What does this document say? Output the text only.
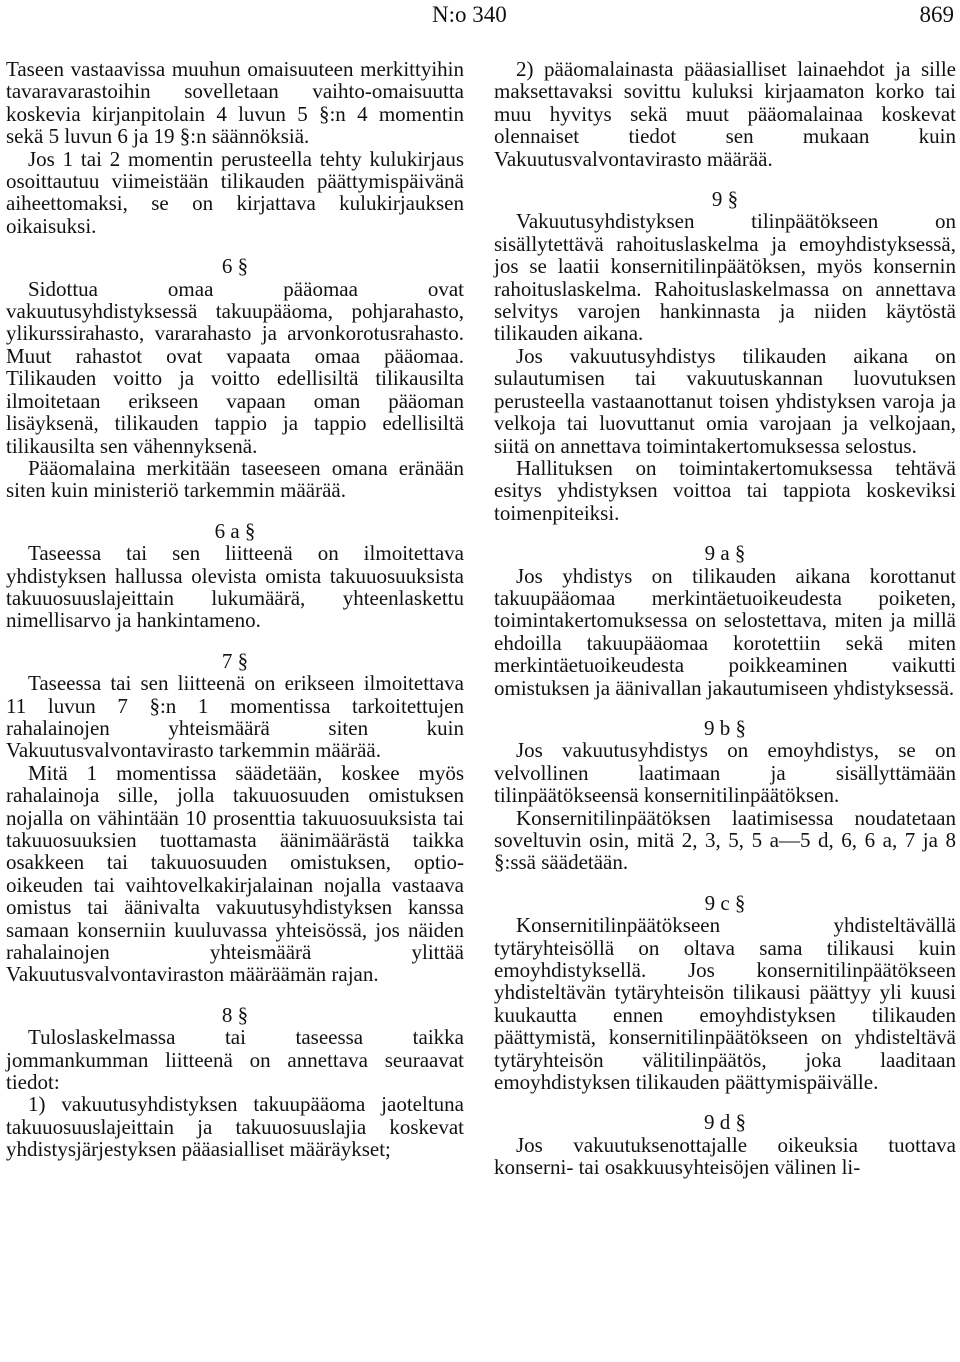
N:o 340	869

Taseen vastaavissa muuhun omaisuuteen merkittyihin tavaravarastoihin sovelletaan vaihto-omaisuutta koskevia kirjanpitolain 4 luvun 5 §:n 4 momentin sekä 5 luvun 6 ja 19 §:n säännöksiä.

Jos 1 tai 2 momentin perusteella tehty kulukirjaus osoittautuu viimeistään tilikauden päättymispäivänä aiheettomaksi, se on kirjattava kulukirjauksen oikaisuksi.

6 §

Sidottua omaa pääomaa ovat vakuutusyhdistyksessä takuupääoma, pohjarahasto, ylikurssirahasto, vararahasto ja arvonkorotusrahasto. Muut rahastot ovat vapaata omaa pääomaa. Tilikauden voitto ja voitto edellisiltä tilikausilta ilmoitetaan erikseen vapaan oman pääoman lisäyksenä, tilikauden tappio ja tappio edellisiltä tilikausilta sen vähennyksenä.

Pääomalaina merkitään taseeseen omana eränään siten kuin ministeriö tarkemmin määrää.

6 a §

Taseessa tai sen liitteenä on ilmoitettava yhdistyksen hallussa olevista omista takuuosuuksista takuuosuuslajeittain lukumäärä, yhteenlaskettu nimellisarvo ja hankintameno.

7 §

Taseessa tai sen liitteenä on erikseen ilmoitettava 11 luvun 7 §:n 1 momentissa tarkoitettujen rahalainojen yhteismäärä siten kuin Vakuutusvalvontavirasto tarkemmin määrää.

Mitä 1 momentissa säädetään, koskee myös rahalainoja sille, jolla takuuosuuden omistuksen nojalla on vähintään 10 prosenttia takuuosuuksista tai takuuosuuksien tuottamasta äänimäärästä taikka osakkeen tai takuuosuuden omistuksen, optio-oikeuden tai vaihtovelkakirjalainan nojalla vastaava omistus tai äänivalta vakuutusyhdistyksen kanssa samaan konserniin kuuluvassa yhteisössä, jos näiden rahalainojen yhteismäärä ylittää Vakuutusvalvontaviraston määräämän rajan.

8 §

Tuloslaskelmassa tai taseessa taikka jommankumman liitteenä on annettava seuraavat tiedot:

1) vakuutusyhdistyksen takuupääoma jaoteltuna takuuosuuslajeittain ja takuuosuuslajia koskevat yhdistysjärjestyksen pääasialliset määräykset;

2) pääomalainasta pääasialliset lainaehdot ja sille maksettavaksi sovittu kuluksi kirjaamaton korko tai muu hyvitys sekä muut pääomalainaa koskevat olennaiset tiedot sen mukaan kuin Vakuutusvalvontavirasto määrää.

9 §

Vakuutusyhdistyksen tilinpäätökseen on sisällytettävä rahoituslaskelma ja emoyhdistyksessä, jos se laatii konsernitilinpäätöksen, myös konsernin rahoituslaskelma. Rahoituslaskelmassa on annettava selvitys varojen hankinnasta ja niiden käytöstä tilikauden aikana.

Jos vakuutusyhdistys tilikauden aikana on sulautumisen tai vakuutuskannan luovutuksen perusteella vastaanottanut toisen yhdistyksen varoja ja velkoja tai luovuttanut omia varojaan ja velkojaan, siitä on annettava toimintakertomuksessa selostus.

Hallituksen on toimintakertomuksessa tehtävä esitys yhdistyksen voittoa tai tappiota koskeviksi toimenpiteiksi.

9 a §

Jos yhdistys on tilikauden aikana korottanut takuupääomaa merkintäetuoikeudesta poiketen, toimintakertomuksessa on selostettava, miten ja millä ehdoilla takuupääomaa korotettiin sekä miten merkintäetuoikeudesta poikkeaminen vaikutti omistuksen ja äänivallan jakautumiseen yhdistyksessä.

9 b §

Jos vakuutusyhdistys on emoyhdistys, se on velvollinen laatimaan ja sisällyttämään tilinpäätökseensä konsernitilinpäätöksen.

Konsernitilinpäätöksen laatimisessa noudatetaan soveltuvin osin, mitä 2, 3, 5, 5 a—5 d, 6, 6 a, 7 ja 8 §:ssä säädetään.

9 c §

Konsernitilinpäätökseen yhdisteltävällä tytäryhteisöllä on oltava sama tilikausi kuin emoyhdistyksellä. Jos konsernitilinpäätökseen yhdisteltävän tytäryhteisön tilikausi päättyy yli kuusi kuukautta ennen emoyhdistyksen tilikauden päättymistä, konsernitilinpäätökseen on yhdisteltävä tytäryhteisön välitilinpäätös, joka laaditaan emoyhdistyksen tilikauden päättymispäivälle.

9 d §

Jos vakuutuksenottajalle oikeuksia tuottava konserni- tai osakkuusyhteisöjen välinen li-
